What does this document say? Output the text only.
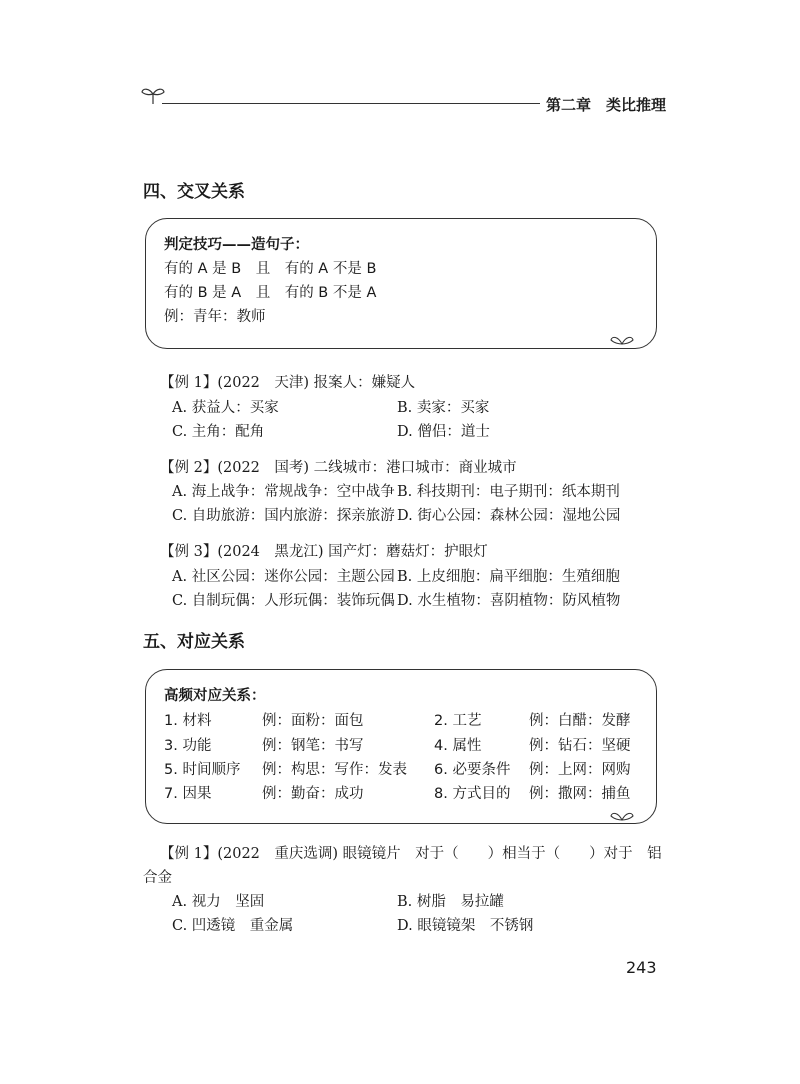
第二章　类比推理
四、交叉关系
判定技巧——造句子：
有的 A 是 B　且　有的 A 不是 B
有的 B 是 A　且　有的 B 不是 A
例：青年：教师
【例 1】(2022　天津) 报案人：嫌疑人
A. 获益人：买家	B. 卖家：买家
C. 主角：配角	D. 僧侣：道士
【例 2】(2022　国考) 二线城市：港口城市：商业城市
A. 海上战争：常规战争：空中战争 B. 科技期刊：电子期刊：纸本期刊
C. 自助旅游：国内旅游：探亲旅游 D. 街心公园：森林公园：湿地公园
【例 3】(2024　黑龙江) 国产灯：蘑菇灯：护眼灯
A. 社区公园：迷你公园：主题公园 B. 上皮细胞：扁平细胞：生殖细胞
C. 自制玩偶：人形玩偶：装饰玩偶 D. 水生植物：喜阴植物：防风植物
五、对应关系
高频对应关系：
1. 材料	例：面粉：面包	2. 工艺	例：白醋：发酵
3. 功能	例：钢笔：书写	4. 属性	例：钻石：坚硬
5. 时间顺序 例：构思：写作：发表 6. 必要条件 例：上网：网购
7. 因果	例：勤奋：成功	8. 方式目的 例：撒网：捕鱼
【例 1】(2022　重庆选调) 眼镜镜片　对于（　　）相当于（　　）对于　铝
合金
A. 视力　坚固	B. 树脂　易拉罐
C. 凹透镜　重金属	D. 眼镜镜架　不锈钢
243
